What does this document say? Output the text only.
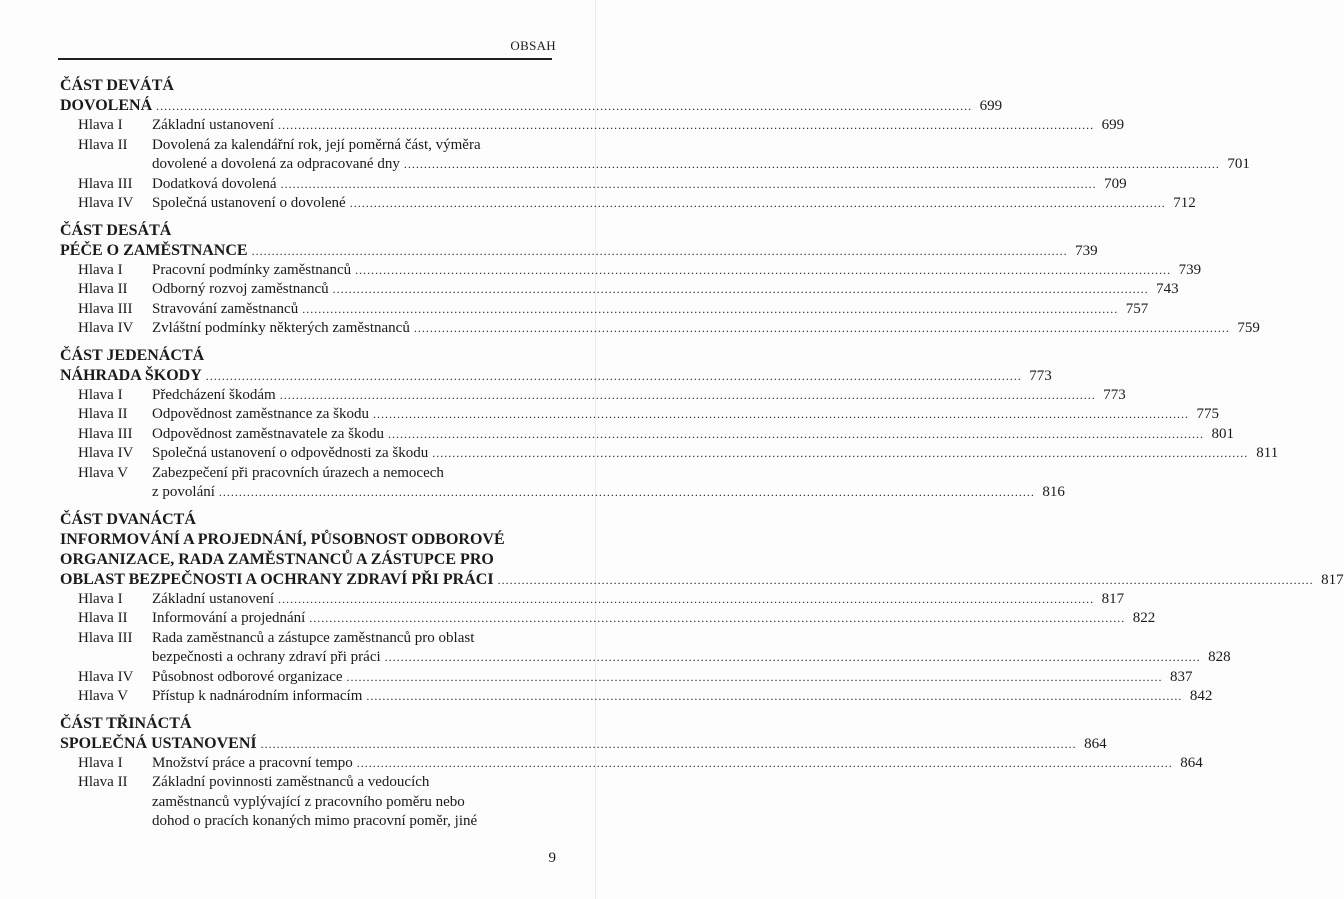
OBSAH
ČÁST DEVÁTÁ
DOVOLENÁ .....	699
Hlava I	Základní ustanovení .....	699
Hlava II	Dovolená za kalendářní rok, její poměrná část, výměra
dovolené a dovolená za odpracované dny .....	701
Hlava III	Dodatková dovolená .....	709
Hlava IV	Společná ustanovení o dovolené .....	712
ČÁST DESÁTÁ
PÉČE O ZAMĚSTNANCE .....	739
Hlava I	Pracovní podmínky zaměstnanců .....	739
Hlava II	Odborný rozvoj zaměstnanců .....	743
Hlava III	Stravování zaměstnanců .....	757
Hlava IV	Zvláštní podmínky některých zaměstnanců .....	759
ČÁST JEDENÁCTÁ
NÁHRADA ŠKODY .....	773
Hlava I	Předcházení škodám .....	773
Hlava II	Odpovědnost zaměstnance za škodu .....	775
Hlava III	Odpovědnost zaměstnavatele za škodu .....	801
Hlava IV	Společná ustanovení o odpovědnosti za škodu .....	811
Hlava V	Zabezpečení při pracovních úrazech a nemocech
z povolání .....	816
ČÁST DVANÁCTÁ
INFORMOVÁNÍ A PROJEDNÁNÍ, PŮSOBNOST ODBOROVÉ
ORGANIZACE, RADA ZAMĚSTNANCŮ A ZÁSTUPCE PRO
OBLAST BEZPEČNOSTI A OCHRANY ZDRAVÍ PŘI PRÁCI .....	817
Hlava I	Základní ustanovení .....	817
Hlava II	Informování a projednání .....	822
Hlava III	Rada zaměstnanců a zástupce zaměstnanců pro oblast
bezpečnosti a ochrany zdraví při práci .....	828
Hlava IV	Působnost odborové organizace .....	837
Hlava V	Přístup k nadnárodním informacím .....	842
ČÁST TŘINÁCTÁ
SPOLEČNÁ USTANOVENÍ .....	864
Hlava I	Množství práce a pracovní tempo .....	864
Hlava II	Základní povinnosti zaměstnanců a vedoucích
zaměstnanců vyplývající z pracovního poměru nebo
dohod o pracích konaných mimo pracovní poměr, jiné
9
